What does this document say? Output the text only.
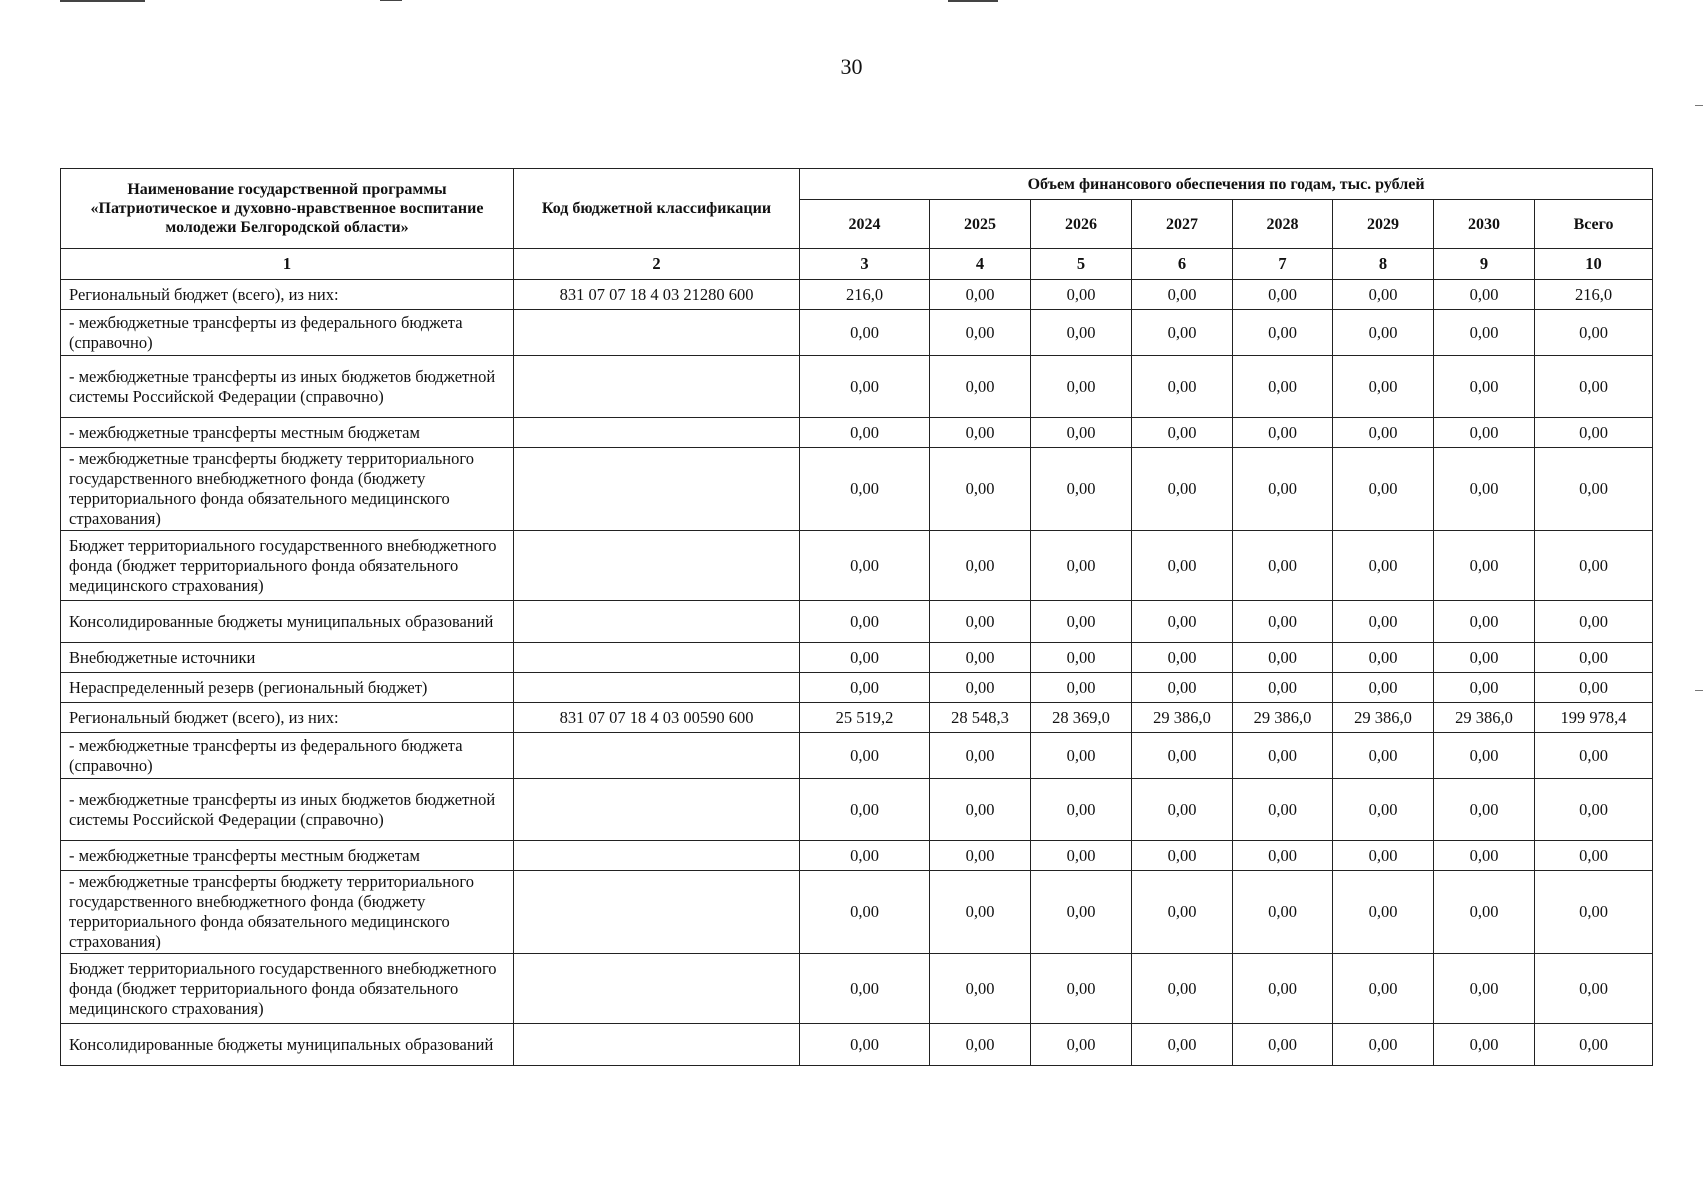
30
Наименование государственной программы «Патриотическое и духовно-нравственное воспитание молодежи Белгородской области»	Код бюджетной классификации	Объем финансового обеспечения по годам, тыс. рублей							
		2024	2025	2026	2027	2028	2029	2030	Всего
1	2	3	4	5	6	7	8	9	10
Региональный бюджет (всего), из них:	831 07 07 18 4 03 21280 600	216,0	0,00	0,00	0,00	0,00	0,00	0,00	216,0
- межбюджетные трансферты из федерального бюджета (справочно)		0,00	0,00	0,00	0,00	0,00	0,00	0,00	0,00
- межбюджетные трансферты из иных бюджетов бюджетной системы Российской Федерации (справочно)		0,00	0,00	0,00	0,00	0,00	0,00	0,00	0,00
- межбюджетные трансферты местным бюджетам		0,00	0,00	0,00	0,00	0,00	0,00	0,00	0,00
- межбюджетные трансферты бюджету территориального государственного внебюджетного фонда (бюджету территориального фонда обязательного медицинского страхования)		0,00	0,00	0,00	0,00	0,00	0,00	0,00	0,00
Бюджет территориального государственного внебюджетного фонда (бюджет территориального фонда обязательного медицинского страхования)		0,00	0,00	0,00	0,00	0,00	0,00	0,00	0,00
Консолидированные бюджеты муниципальных образований		0,00	0,00	0,00	0,00	0,00	0,00	0,00	0,00
Внебюджетные источники		0,00	0,00	0,00	0,00	0,00	0,00	0,00	0,00
Нераспределенный резерв (региональный бюджет)		0,00	0,00	0,00	0,00	0,00	0,00	0,00	0,00
Региональный бюджет (всего), из них:	831 07 07 18 4 03 00590 600	25 519,2	28 548,3	28 369,0	29 386,0	29 386,0	29 386,0	29 386,0	199 978,4
- межбюджетные трансферты из федерального бюджета (справочно)		0,00	0,00	0,00	0,00	0,00	0,00	0,00	0,00
- межбюджетные трансферты из иных бюджетов бюджетной системы Российской Федерации (справочно)		0,00	0,00	0,00	0,00	0,00	0,00	0,00	0,00
- межбюджетные трансферты местным бюджетам		0,00	0,00	0,00	0,00	0,00	0,00	0,00	0,00
- межбюджетные трансферты бюджету территориального государственного внебюджетного фонда (бюджету территориального фонда обязательного медицинского страхования)		0,00	0,00	0,00	0,00	0,00	0,00	0,00	0,00
Бюджет территориального государственного внебюджетного фонда (бюджет территориального фонда обязательного медицинского страхования)		0,00	0,00	0,00	0,00	0,00	0,00	0,00	0,00
Консолидированные бюджеты муниципальных образований		0,00	0,00	0,00	0,00	0,00	0,00	0,00	0,00
